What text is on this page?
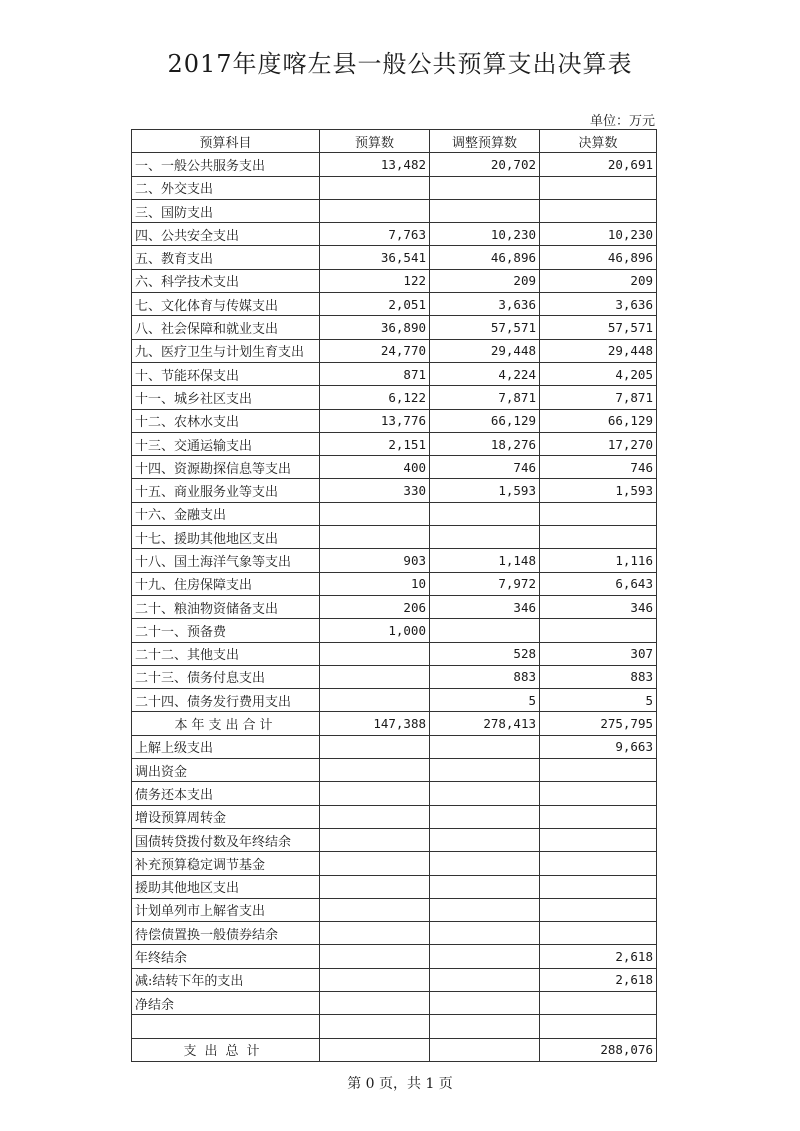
2017年度喀左县一般公共预算支出决算表
单位：万元
预算科目	预算数	调整预算数	决算数
一、一般公共服务支出	13,482	20,702	20,691
二、外交支出			
三、国防支出			
四、公共安全支出	7,763	10,230	10,230
五、教育支出	36,541	46,896	46,896
六、科学技术支出	122	209	209
七、文化体育与传媒支出	2,051	3,636	3,636
八、社会保障和就业支出	36,890	57,571	57,571
九、医疗卫生与计划生育支出	24,770	29,448	29,448
十、节能环保支出	871	4,224	4,205
十一、城乡社区支出	6,122	7,871	7,871
十二、农林水支出	13,776	66,129	66,129
十三、交通运输支出	2,151	18,276	17,270
十四、资源勘探信息等支出	400	746	746
十五、商业服务业等支出	330	1,593	1,593
十六、金融支出			
十七、援助其他地区支出			
十八、国土海洋气象等支出	903	1,148	1,116
十九、住房保障支出	10	7,972	6,643
二十、粮油物资储备支出	206	346	346
二十一、预备费	1,000		
二十二、其他支出		528	307
二十三、债务付息支出		883	883
二十四、债务发行费用支出		5	5
本年支出合计	147,388	278,413	275,795
上解上级支出			9,663
调出资金			
债务还本支出			
增设预算周转金			
国债转贷拨付数及年终结余			
补充预算稳定调节基金			
援助其他地区支出			
计划单列市上解省支出			
待偿债置换一般债券结余			
年终结余			2,618
减:结转下年的支出			2,618
净结余			

支出总计			288,076
第 0 页，共 1 页
